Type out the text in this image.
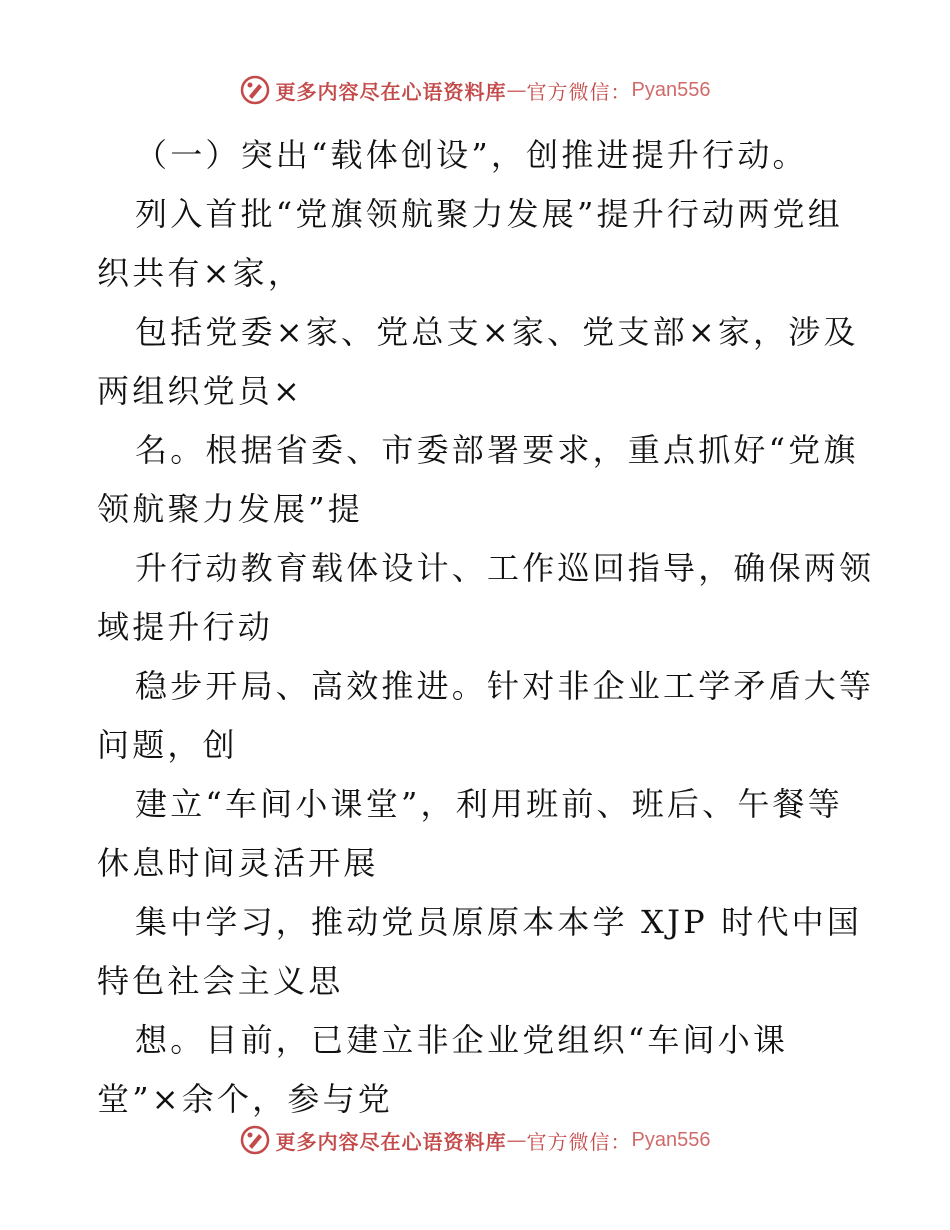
更多内容尽在心语资料库 — 官方微信： Pyan556
（一）突出“载体创设”，创推进提升行动。
列入首批“党旗领航聚力发展”提升行动两党组
织共有×家，
包括党委×家、党总支×家、党支部×家，涉及
两组织党员×
名。根据省委、市委部署要求，重点抓好“党旗
领航聚力发展”提
升行动教育载体设计、工作巡回指导，确保两领
域提升行动
稳步开局、高效推进。针对非企业工学矛盾大等
问题，创
建立“车间小课堂”，利用班前、班后、午餐等
休息时间灵活开展
集中学习，推动党员原原本本学 XJP 时代中国
特色社会主义思
想。目前，已建立非企业党组织“车间小课
堂”×余个，参与党
更多内容尽在心语资料库 — 官方微信： Pyan556
